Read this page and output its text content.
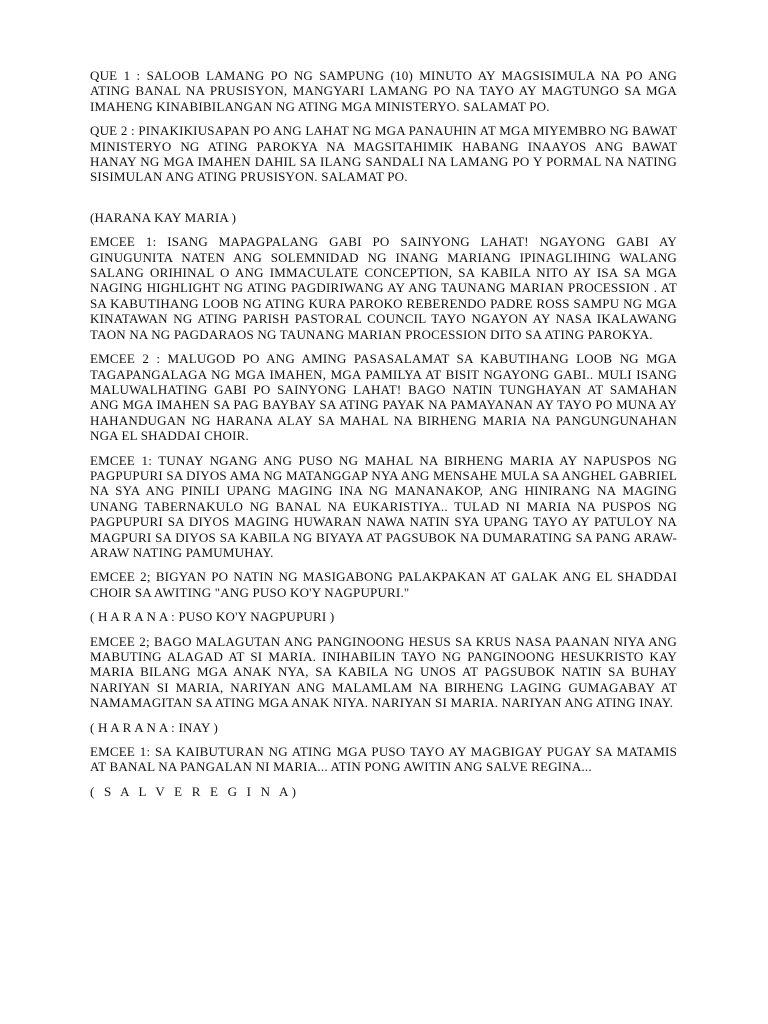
QUE 1 : SALOOB LAMANG PO NG SAMPUNG (10) MINUTO AY MAGSISIMULA NA PO ANG ATING BANAL NA PRUSISYON, MANGYARI LAMANG PO NA TAYO AY MAGTUNGO SA MGA IMAHENG KINABIBILANGAN NG ATING MGA MINISTERYO. SALAMAT PO.

QUE 2 : PINAKIKIUSAPAN PO ANG LAHAT NG MGA PANAUHIN AT MGA MIYEMBRO NG BAWAT MINISTERYO NG ATING PAROKYA NA MAGSITAHIMIK HABANG INAAYOS ANG BAWAT HANAY NG MGA IMAHEN DAHIL SA ILANG SANDALI NA LAMANG PO Y PORMAL NA NATING SISIMULAN ANG ATING PRUSISYON. SALAMAT PO.

(HARANA KAY MARIA )

EMCEE 1: ISANG MAPAGPALANG GABI PO SAINYONG LAHAT! NGAYONG GABI AY GINUGUNITA NATEN ANG SOLEMNIDAD NG INANG MARIANG IPINAGLIHING WALANG SALANG ORIHINAL O ANG IMMACULATE CONCEPTION, SA KABILA NITO AY ISA SA MGA NAGING HIGHLIGHT NG ATING PAGDIRIWANG AY ANG TAUNANG MARIAN PROCESSION . AT SA KABUTIHANG LOOB NG ATING KURA PAROKO REBERENDO PADRE ROSS SAMPU NG MGA KINATAWAN NG ATING PARISH PASTORAL COUNCIL TAYO NGAYON AY NASA IKALAWANG TAON NA NG PAGDARAOS NG TAUNANG MARIAN PROCESSION DITO SA ATING PAROKYA.

EMCEE 2 : MALUGOD PO ANG AMING PASASALAMAT SA KABUTIHANG LOOB NG MGA TAGAPANGALAGA NG MGA IMAHEN, MGA PAMILYA AT BISIT NGAYONG GABI.. MULI ISANG MALUWALHATING GABI PO SAINYONG LAHAT! BAGO NATIN TUNGHAYAN AT SAMAHAN ANG MGA IMAHEN SA PAG BAYBAY SA ATING PAYAK NA PAMAYANAN AY TAYO PO MUNA AY HAHANDUGAN NG HARANA ALAY SA MAHAL NA BIRHENG MARIA NA PANGUNGUNAHAN NGA EL SHADDAI CHOIR.

EMCEE 1: TUNAY NGANG ANG PUSO NG MAHAL NA BIRHENG MARIA AY NAPUSPOS NG PAGPUPURI SA DIYOS AMA NG MATANGGAP NYA ANG MENSAHE MULA SA ANGHEL GABRIEL NA SYA ANG PINILI UPANG MAGING INA NG MANANAKOP, ANG HINIRANG NA MAGING UNANG TABERNAKULO NG BANAL NA EUKARISTIYA.. TULAD NI MARIA NA PUSPOS NG PAGPUPURI SA DIYOS MAGING HUWARAN NAWA NATIN SYA UPANG TAYO AY PATULOY NA MAGPURI SA DIYOS SA KABILA NG BIYAYA AT PAGSUBOK NA DUMARATING SA PANG ARAW-ARAW NATING PAMUMUHAY.

EMCEE 2; BIGYAN PO NATIN NG MASIGABONG PALAKPAKAN AT GALAK ANG EL SHADDAI CHOIR SA AWITING "ANG PUSO KO'Y NAGPUPURI."

( H A R A N A : PUSO KO'Y NAGPUPURI )

EMCEE 2; BAGO MALAGUTAN ANG PANGINOONG HESUS SA KRUS NASA PAANAN NIYA ANG MABUTING ALAGAD AT SI MARIA. INIHABILIN TAYO NG PANGINOONG HESUKRISTO KAY MARIA BILANG MGA ANAK NYA, SA KABILA NG UNOS AT PAGSUBOK NATIN SA BUHAY NARIYAN SI MARIA, NARIYAN ANG MALAMLAM NA BIRHENG LAGING GUMAGABAY AT NAMAMAGITAN SA ATING MGA ANAK NIYA. NARIYAN SI MARIA. NARIYAN ANG ATING INAY.

( H A R A N A : INAY )

EMCEE 1: SA KAIBUTURAN NG ATING MGA PUSO TAYO AY MAGBIGAY PUGAY SA MATAMIS AT BANAL NA PANGALAN NI MARIA... ATIN PONG AWITIN ANG SALVE REGINA...

( S A L V E R E G I N A)
